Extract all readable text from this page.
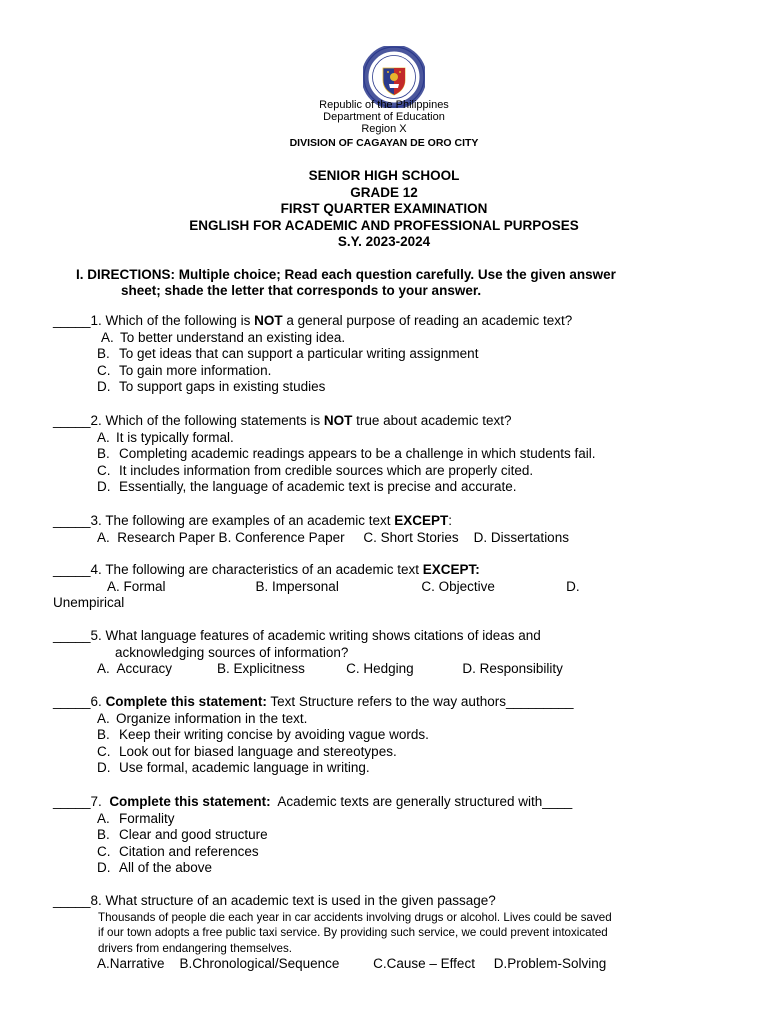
Republic of the Philippines
Department of Education
Region X
DIVISION OF CAGAYAN DE ORO CITY
SENIOR HIGH SCHOOL
GRADE 12
FIRST QUARTER EXAMINATION
ENGLISH FOR ACADEMIC AND PROFESSIONAL PURPOSES
S.Y. 2023-2024
I. DIRECTIONS: Multiple choice; Read each question carefully. Use the given answer
sheet; shade the letter that corresponds to your answer.
_____1. Which of the following is NOT a general purpose of reading an academic text?
A. To better understand an existing idea.
B. To get ideas that can support a particular writing assignment
C. To gain more information.
D. To support gaps in existing studies
_____2. Which of the following statements is NOT true about academic text?
A. It is typically formal.
B. Completing academic readings appears to be a challenge in which students fail.
C. It includes information from credible sources which are properly cited.
D. Essentially, the language of academic text is precise and accurate.
_____3. The following are examples of an academic text EXCEPT:
A.  Research Paper B. Conference Paper     C. Short Stories    D. Dissertations
_____4. The following are characteristics of an academic text EXCEPT:
A. Formal                        B. Impersonal                      C. Objective                   D.
Unempirical
_____5. What language features of academic writing shows citations of ideas and
acknowledging sources of information?
A.  Accuracy            B. Explicitness           C. Hedging             D. Responsibility
_____6. Complete this statement: Text Structure refers to the way authors_________
A. Organize information in the text.
B. Keep their writing concise by avoiding vague words.
C. Look out for biased language and stereotypes.
D. Use formal, academic language in writing.
_____7.  Complete this statement:  Academic texts are generally structured with____
A. Formality
B. Clear and good structure
C. Citation and references
D. All of the above
_____8. What structure of an academic text is used in the given passage?
Thousands of people die each year in car accidents involving drugs or alcohol. Lives could be saved
if our town adopts a free public taxi service. By providing such service, we could prevent intoxicated
drivers from endangering themselves.
A.Narrative    B.Chronological/Sequence         C.Cause – Effect     D.Problem-Solving
